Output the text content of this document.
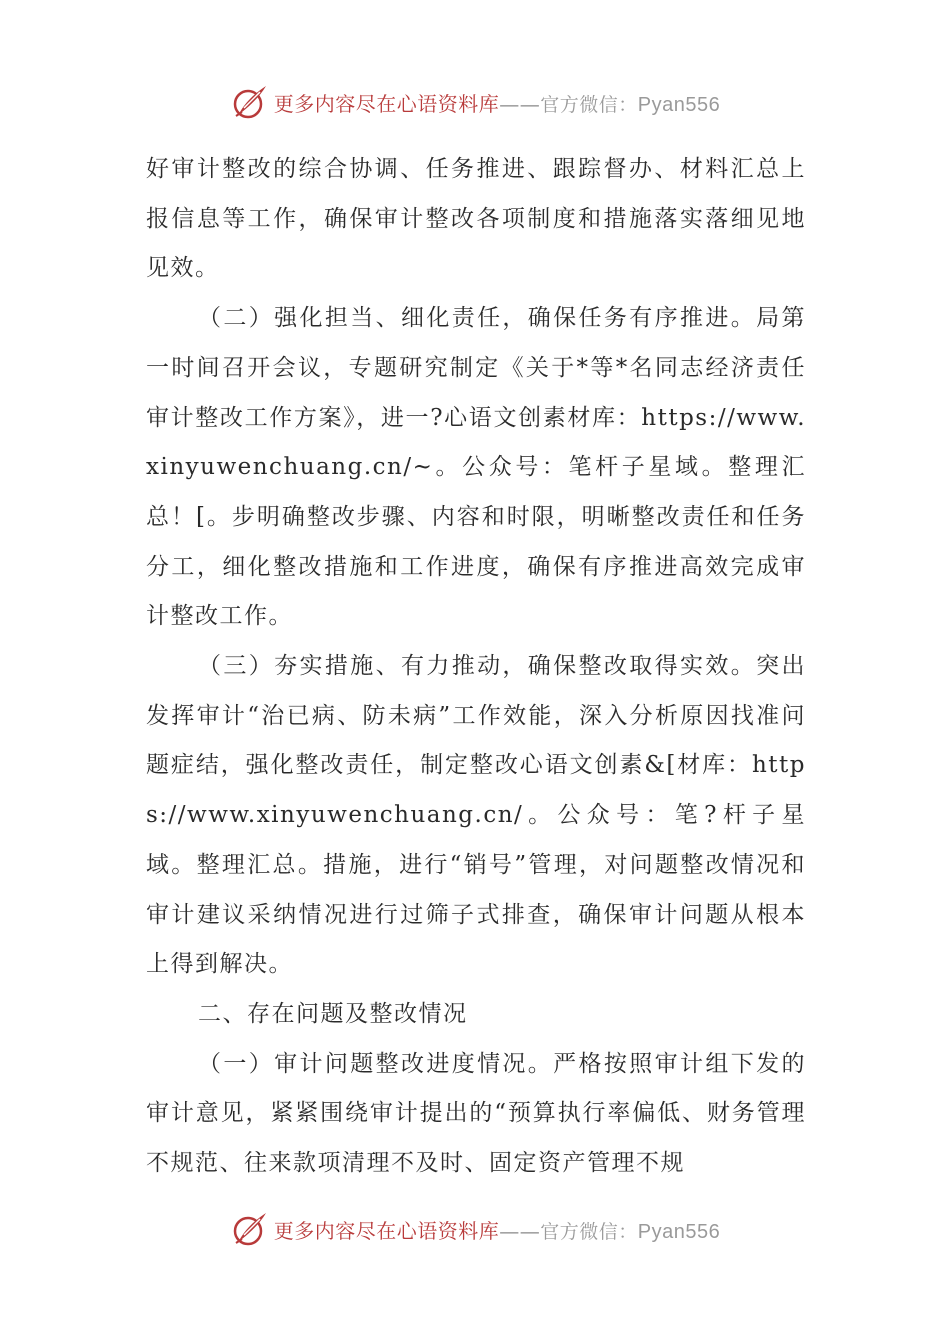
更多内容尽在心语资料库——官方微信：Pyan556

好审计整改的综合协调、任务推进、跟踪督办、材料汇总上报信息等工作，确保审计整改各项制度和措施落实落细见地见效。

（二）强化担当、细化责任，确保任务有序推进。局第一时间召开会议，专题研究制定《关于*等*名同志经济责任审计整改工作方案》，进一?心语文创素材库：https://www.xinyuwenchuang.cn/~。公众号：笔杆子星域。整理汇总！[。步明确整改步骤、内容和时限，明晰整改责任和任务分工，细化整改措施和工作进度，确保有序推进高效完成审计整改工作。

（三）夯实措施、有力推动，确保整改取得实效。突出发挥审计“治已病、防未病”工作效能，深入分析原因找准问题症结，强化整改责任，制定整改心语文创素&[材库：https://www.xinyuwenchuang.cn/。公众号：笔?杆子星域。整理汇总。措施，进行“销号”管理，对问题整改情况和审计建议采纳情况进行过筛子式排查，确保审计问题从根本上得到解决。

二、存在问题及整改情况

（一）审计问题整改进度情况。严格按照审计组下发的审计意见，紧紧围绕审计提出的“预算执行率偏低、财务管理不规范、往来款项清理不及时、固定资产管理不规

更多内容尽在心语资料库——官方微信：Pyan556
